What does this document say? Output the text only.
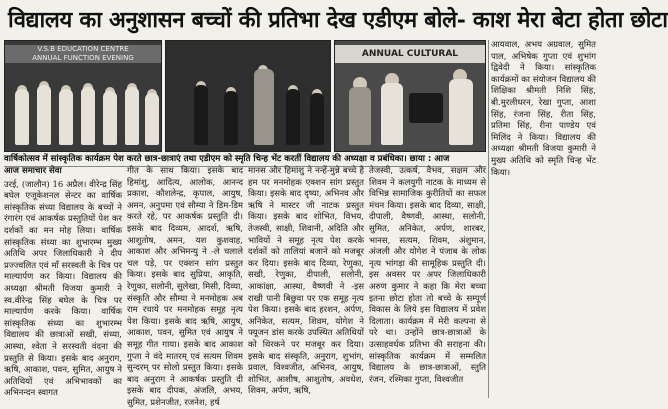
विद्यालय का अनुशासन बच्चों की प्रतिभा देख एडीएम बोले- काश मेरा बेटा होता छोटा
V.S.B EDUCATION CENTRE
ANNUAL FUNCTION EVENING	ANNUAL CULTURAL
वार्षिकोत्सव में सांस्कृतिक कार्यक्रम पेश करते छात्र-छात्राएं तथा एडीएम को स्मृति चिन्ह भेंट करतीं विद्यालय की अध्यक्षा व प्रबंधिका। छाया : आज
आज समाचार सेवा
उरई, (जालौन) 16 अप्रैल। वीरेन्द्र सिंह बघेल एजूकेशनल सेन्टर का वार्षिक सांस्कृतिक संध्या विद्यालय के बच्चों ने रंगारंग एवं आकर्षक प्रस्तुतियों पेश कर दर्शकों का मन मोह लिया। वार्षिक सांस्कृतिक संध्या का शुभारम्भ मुख्य अतिथि अपर जिलाधिकारी ने दीप प्रज्ज्वलित एवं माँ सरस्वती के चित्र पर माल्यार्पण कर किया। विद्यालय की अध्यक्षा श्रीमती विजया कुमारी ने स्व.वीरेन्द्र सिंह बघेल के चित्र पर माल्यार्पण करके किया। वार्षिक सांस्कृतिक संध्या का शुभारम्भ विद्यालय की छात्राओं सखी, संध्या, आस्था, श्वेता ने सरस्वती वंदना की प्रस्तुति से किया। इसके बाद अनुराग, ऋषि, आकाश, पवन, सुमित, आयुष ने अतिथियों एवं अभिभावकों का अभिनन्दन स्वागत
गीत के साथ किया। इसके बाद हिमांशु, आदित्य, आलोक, आनन्द प्रकाश, कौशलेन्द्र, कृपाल, आयुष, अमन, अनुपमा एवं सौम्या ने डिम-डिम करते रहे, पर आकर्षक प्रस्तुति दी। इसके बाद दिव्यम, आदर्श, ऋषि, आशुतोष, अमन, यश कुशवाह, आकाश और अभिमन्यु ने -ले चलाले चल पड़े, पर एक्शन सांग प्रस्तुत किया। इसके बाद सुप्रिया, आकृति, रेणुका, सलोनी, सुलेखा, मिसी, दिव्या, संस्कृति और सौम्या ने मनमोहक अब राम रचाये पर मनमोहक समूह नृत्य पेश किया। इसके बाद ऋषि, आयुष, आकाश, पवन, सुमित एवं आयुष ने समूह गीत गाया। इसके बाद आकाश गुप्ता ने वंदे मातरम् एवं सत्यम शिवम सुन्दरम् पर सोलो प्रस्तुत किया। इसके बाद अनुराग ने आकर्षक प्रस्तुति दी इसके बाद दीपक, अंजलि, अभय, सुमित, प्रशेनजीत, रजनेश, हर्ष
मानस और हिमांशु ने नन्हें-मुन्ने बच्चे है हम पर मनमोहक एक्शन सांग प्रस्तुत किया। इसके बाद दृष्या, अभिनव और ऋषि ने मास्टर जी नाटक प्रस्तुत किया। इसके बाद शोभित, विभय, तेजस्वी, साक्षी, शिवानी, अदिति और भावियों ने समूह नृत्य पेश करके दर्शकों को तालियां बजाने को मजबूर कर दिया। इसके बाद दिव्या, रेणुका, सखी, रेणुका, दीपाली, सलोनी, आकांक्षा, आस्था, वैष्णवी ने -इस राखी पानी बिछुवा पर एक समूह नृत्य पेश किया। इसके बाद हरशन, अर्पण, अनिकेत, सत्यम, शिवम, योगेश ने फ्यूजन डांस करके उपस्थित अतिथियों को थिरकने पर मजबूर कर दिया। इसके बाद संस्कृति, अनुराग, शुभांग, प्रवाल, विश्वजीत, अभिनव, आयुष, शोभित, आशीष, आशुतोष, अवधेश, शिवम, अर्पण, ऋषि,
तेजस्वी, उत्कर्ष, वैभव, सक्षम और शिवम ने कलयुगी नाटक के माध्यम से विभिन्न सामाजिक कुरीतियों का सफल मंचन किया। इसके बाद दिव्या, साक्षी, दीपाली, वैष्णवी, आस्था, सलोनी, सुमित, अनिकेत, अर्पण, शारबर, भानस, सत्यम, शिवम, अंशुमान, अंजली और योगेश ने पंजाब के लोक नृत्य भांगड़ा की सामूहिक प्रस्तुति दी। इस अवसर पर अपर जिलाधिकारी अरुण कुमार ने कहा कि मेरा बच्चा इतना छोटा होता तो बच्चे के सम्पूर्ण विकास के लिये इस विद्यालय में प्रवेश दिलाता। कार्यक्रम में मेरी कल्पना से परे था। उन्होंने छात्र-छात्राओं के उत्साहवर्धक प्रतिभा की सराहना की। सांस्कृतिक कार्यक्रम में सम्मलित विद्यालय के छात्र-छात्राओं, स्तुति रंजन, रश्मिका गुप्ता, विश्वजीत
आयवाल, अभय अग्रवाल, सुमित पाल, अभिषेक गुप्ता एवं शुभांग द्विवेदी ने किया। सांस्कृतिक कार्यक्रमों का संयोजन विद्यालय की शिक्षिका श्रीमती निशि सिंह, बी.मुरलीधरन, रेखा गुप्ता, आशा सिंह, रंजना सिंह, रीता सिंह, प्रतिमा सिंह, रीना पाण्डेय एवं मिलिंद ने किया। विद्यालय की अध्यक्षा श्रीमती विजया कुमारी ने मुख्य अतिथि को स्मृति चिन्ह भेंट किया।
